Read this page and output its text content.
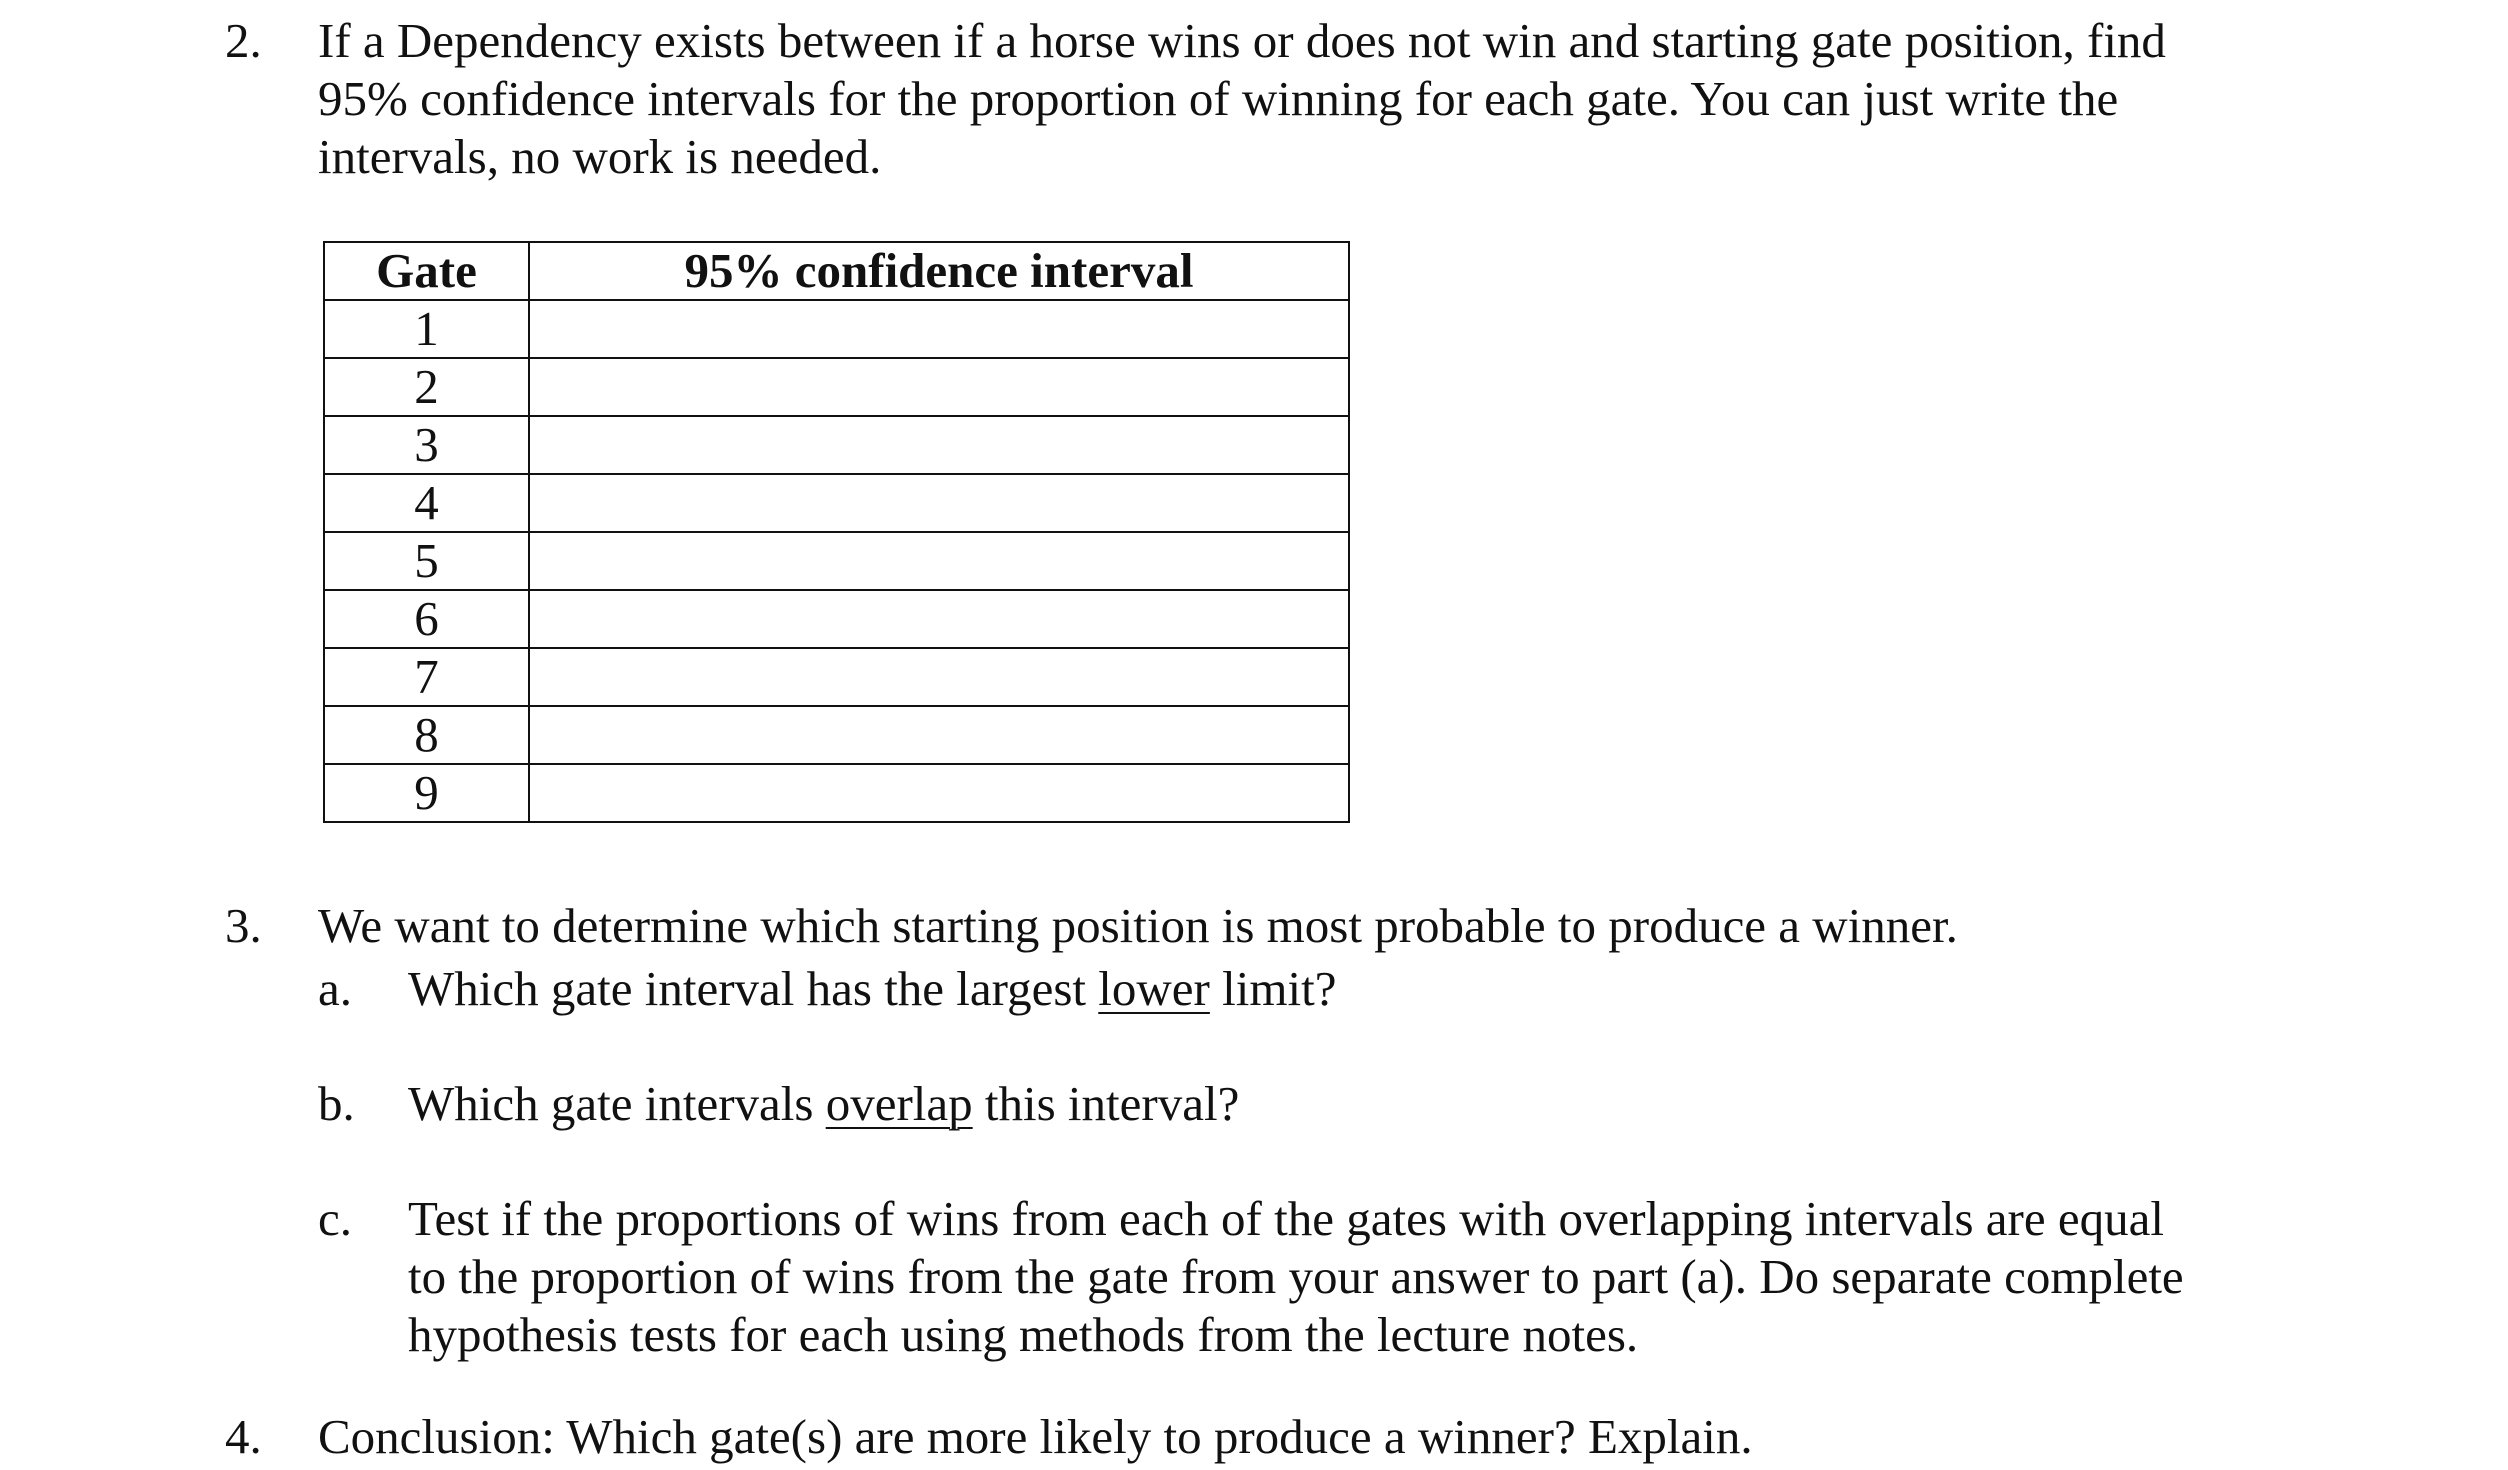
2.	If a Dependency exists between if a horse wins or does not win and starting gate position, find
95% confidence intervals for the proportion of winning for each gate. You can just write the
intervals, no work is needed.
Gate	95% confidence interval
1	
2	
3	
4	
5	
6	
7	
8	
9	
3.	We want to determine which starting position is most probable to produce a winner.
a.	Which gate interval has the largest lower limit?
b.	Which gate intervals overlap this interval?
c.	Test if the proportions of wins from each of the gates with overlapping intervals are equal
to the proportion of wins from the gate from your answer to part (a). Do separate complete
hypothesis tests for each using methods from the lecture notes.
4.	Conclusion: Which gate(s) are more likely to produce a winner? Explain.
